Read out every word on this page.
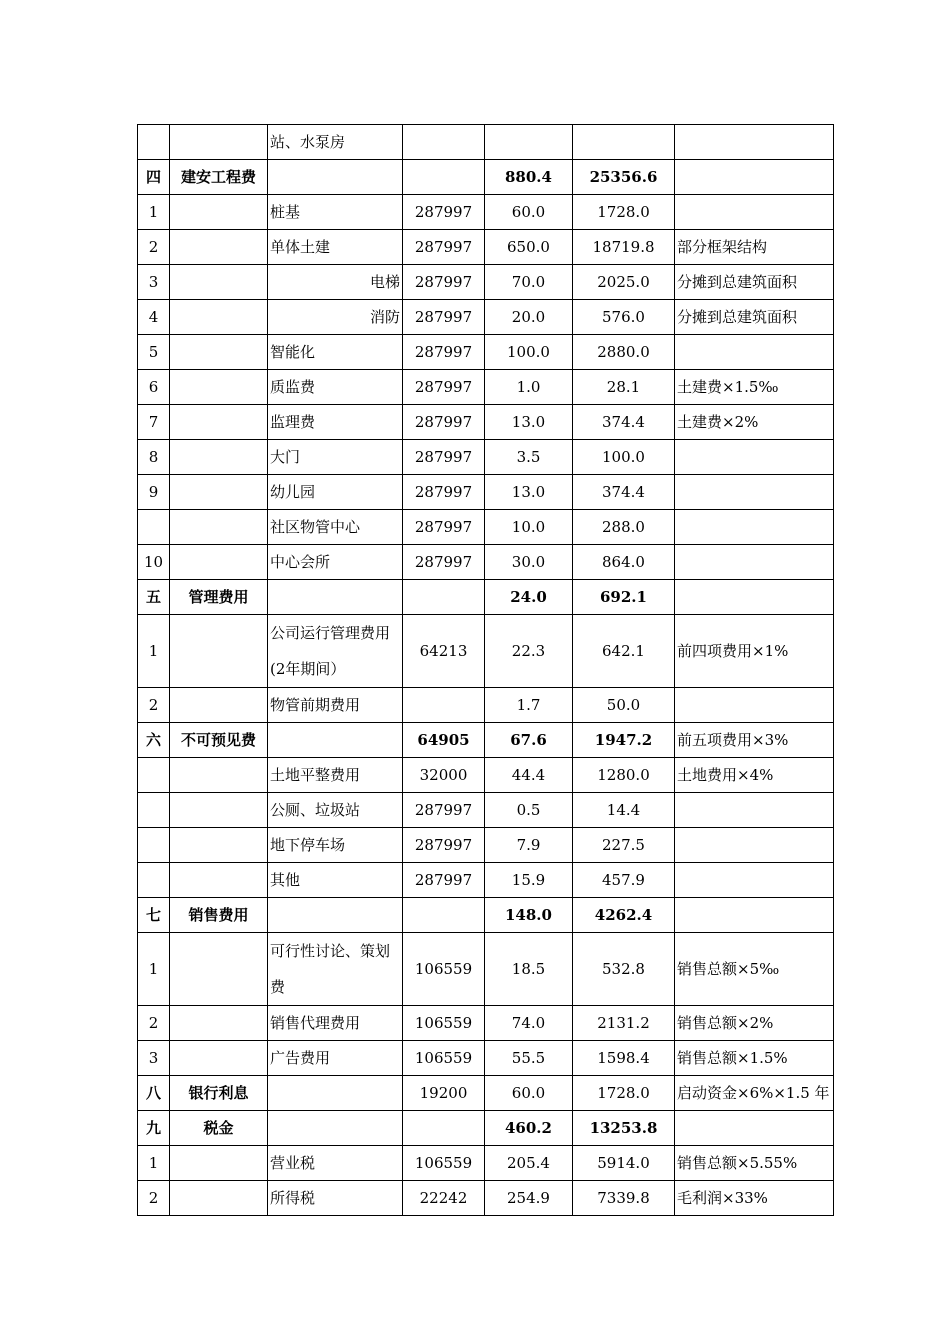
		站、水泵房				
四	建安工程费			880.4	25356.6	
1		桩基	287997	60.0	1728.0	
2		单体土建	287997	650.0	18719.8	部分框架结构
3		电梯	287997	70.0	2025.0	分摊到总建筑面积
4		消防	287997	20.0	576.0	分摊到总建筑面积
5		智能化	287997	100.0	2880.0	
6		质监费	287997	1.0	28.1	土建费×1.5‰
7		监理费	287997	13.0	374.4	土建费×2%
8		大门	287997	3.5	100.0	
9		幼儿园	287997	13.0	374.4	
		社区物管中心	287997	10.0	288.0	
10		中心会所	287997	30.0	864.0	
五	管理费用			24.0	692.1	
1		公司运行管理费用(2年期间）	64213	22.3	642.1	前四项费用×1%
2		物管前期费用		1.7	50.0	
六	不可预见费		64905	67.6	1947.2	前五项费用×3%
		土地平整费用	32000	44.4	1280.0	土地费用×4%
		公厕、垃圾站	287997	0.5	14.4	
		地下停车场	287997	7.9	227.5	
		其他	287997	15.9	457.9	
七	销售费用			148.0	4262.4	
1		可行性讨论、策划费	106559	18.5	532.8	销售总额×5‰
2		销售代理费用	106559	74.0	2131.2	销售总额×2%
3		广告费用	106559	55.5	1598.4	销售总额×1.5%
八	银行利息		19200	60.0	1728.0	启动资金×6%×1.5 年
九	税金			460.2	13253.8	
1		营业税	106559	205.4	5914.0	销售总额×5.55%
2		所得税	22242	254.9	7339.8	毛利润×33%
